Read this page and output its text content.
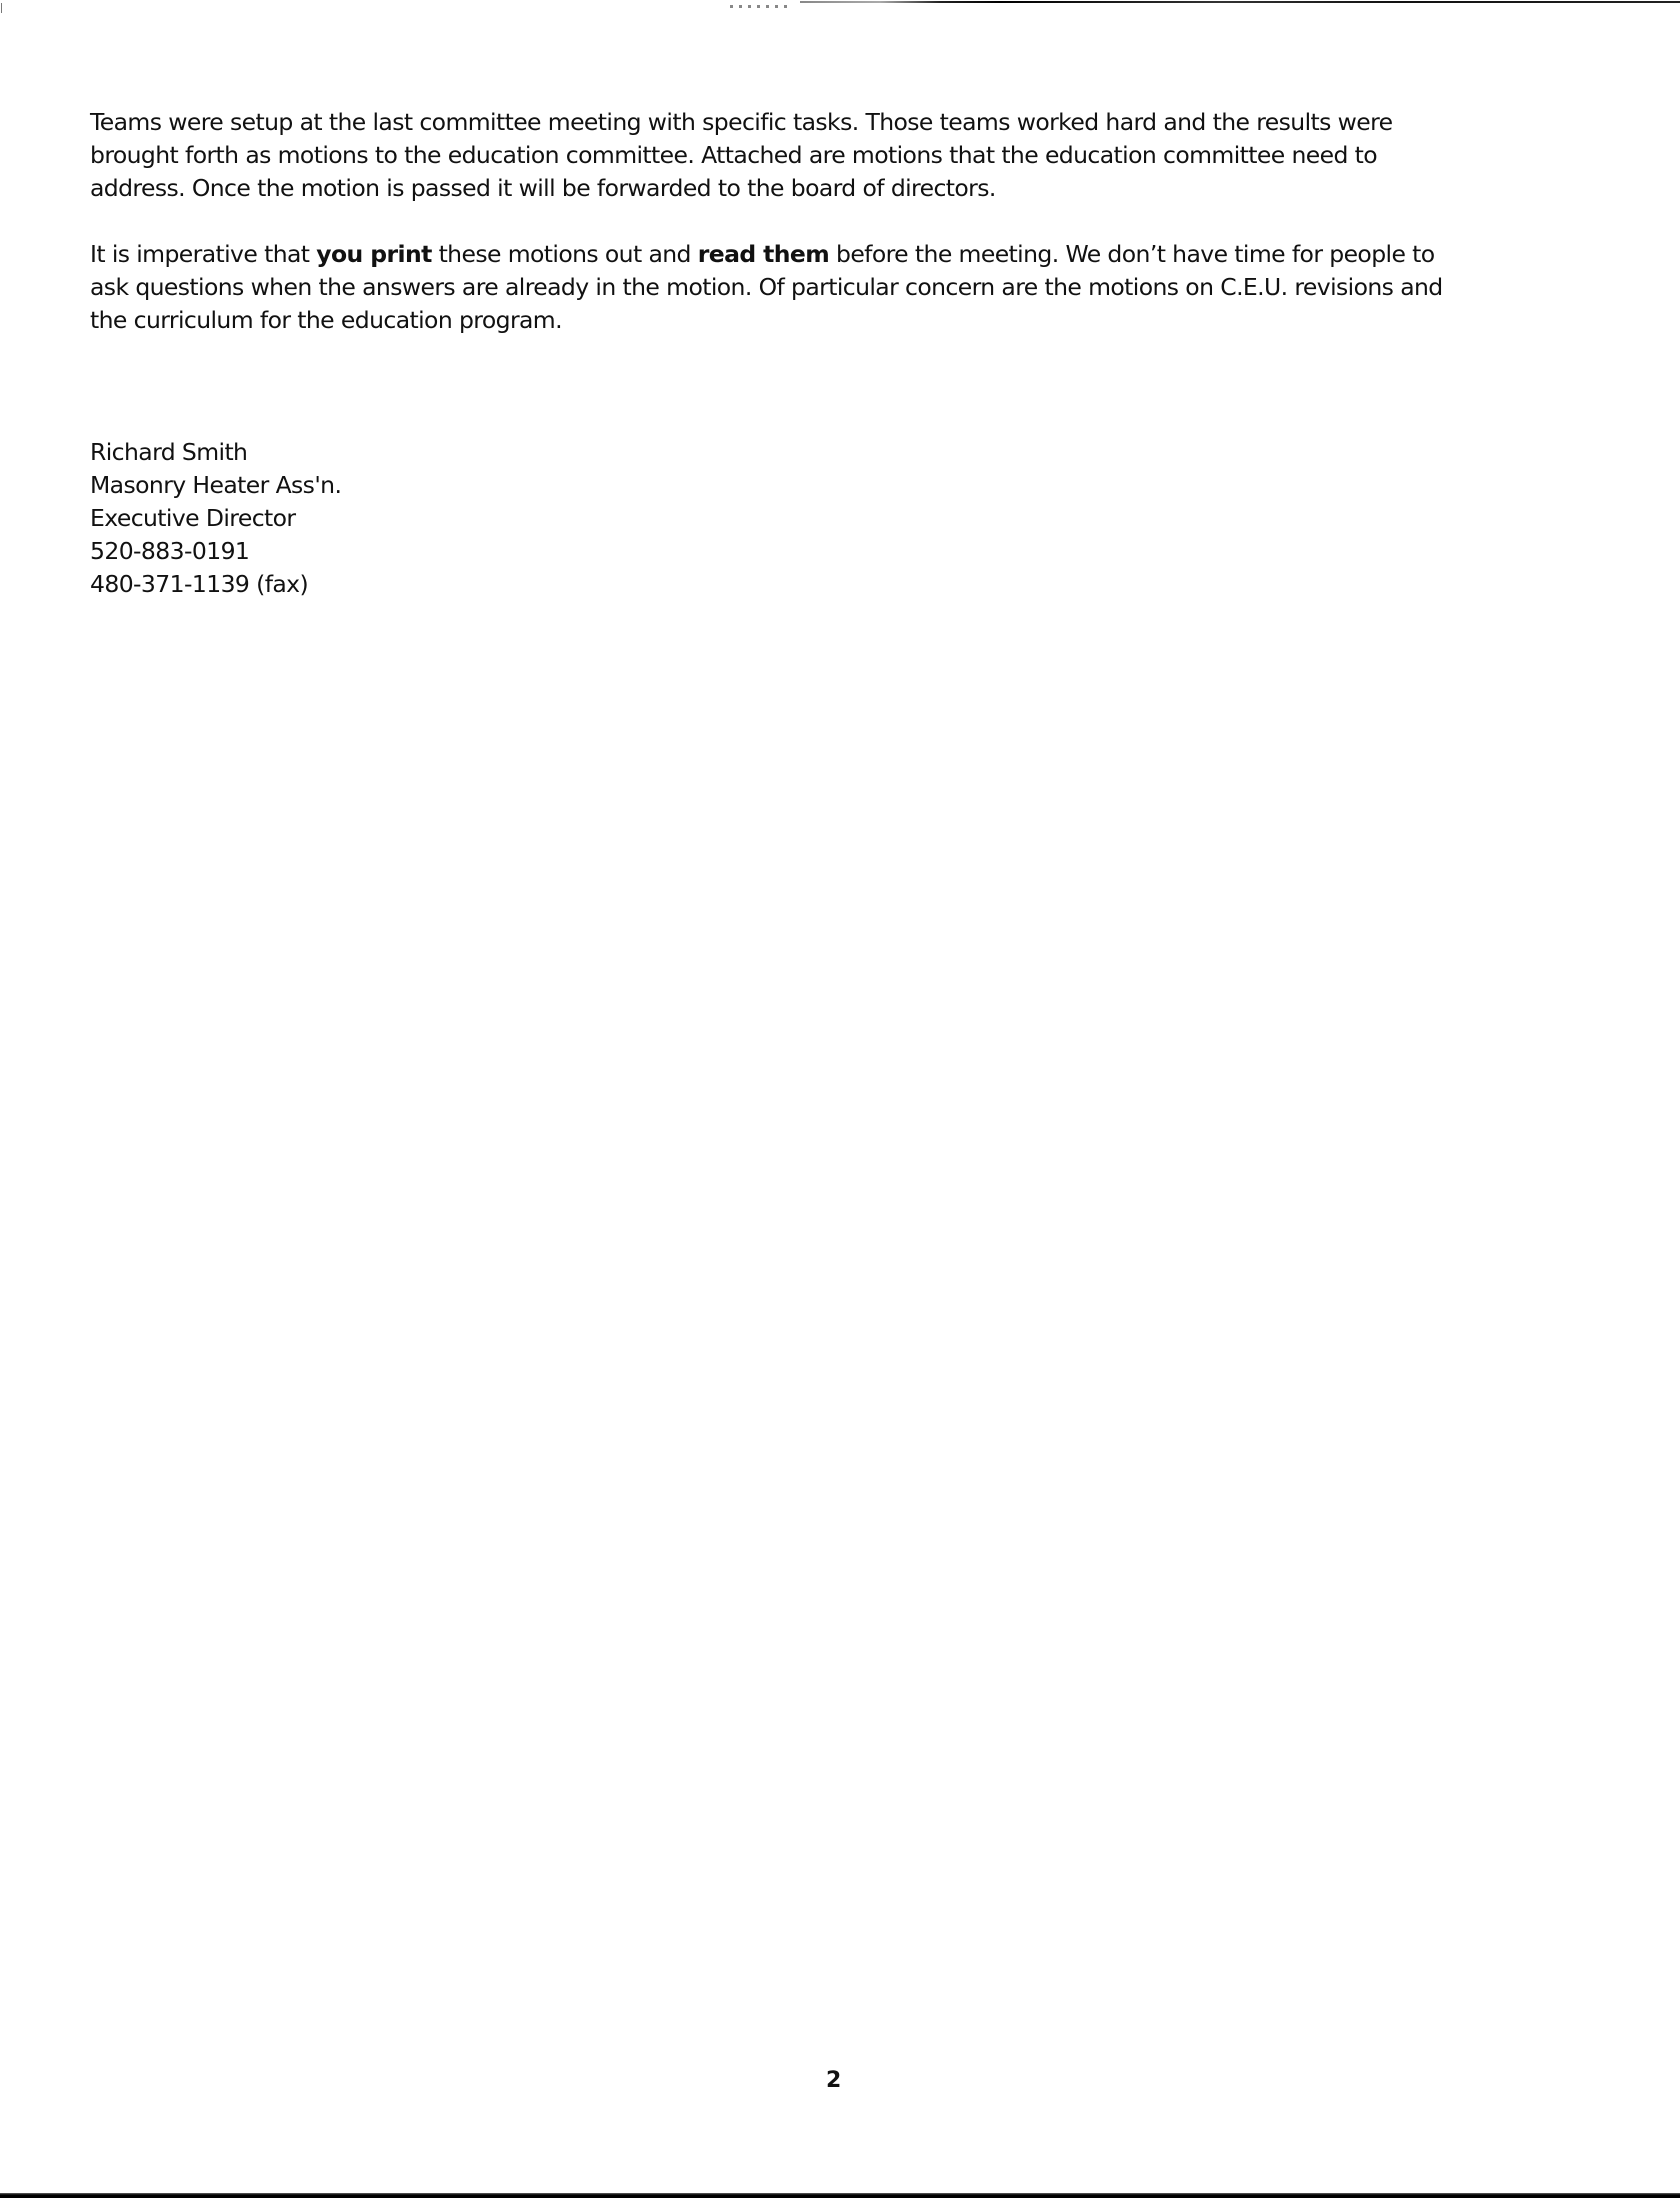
Teams were setup at the last committee meeting with specific tasks. Those teams worked hard and the results were
brought forth as motions to the education committee. Attached are motions that the education committee need to
address. Once the motion is passed it will be forwarded to the board of directors.

It is imperative that you print these motions out and read them before the meeting. We don’t have time for people to
ask questions when the answers are already in the motion. Of particular concern are the motions on C.E.U. revisions and
the curriculum for the education program.

Richard Smith
Masonry Heater Ass'n.
Executive Director
520-883-0191
480-371-1139 (fax)
2
